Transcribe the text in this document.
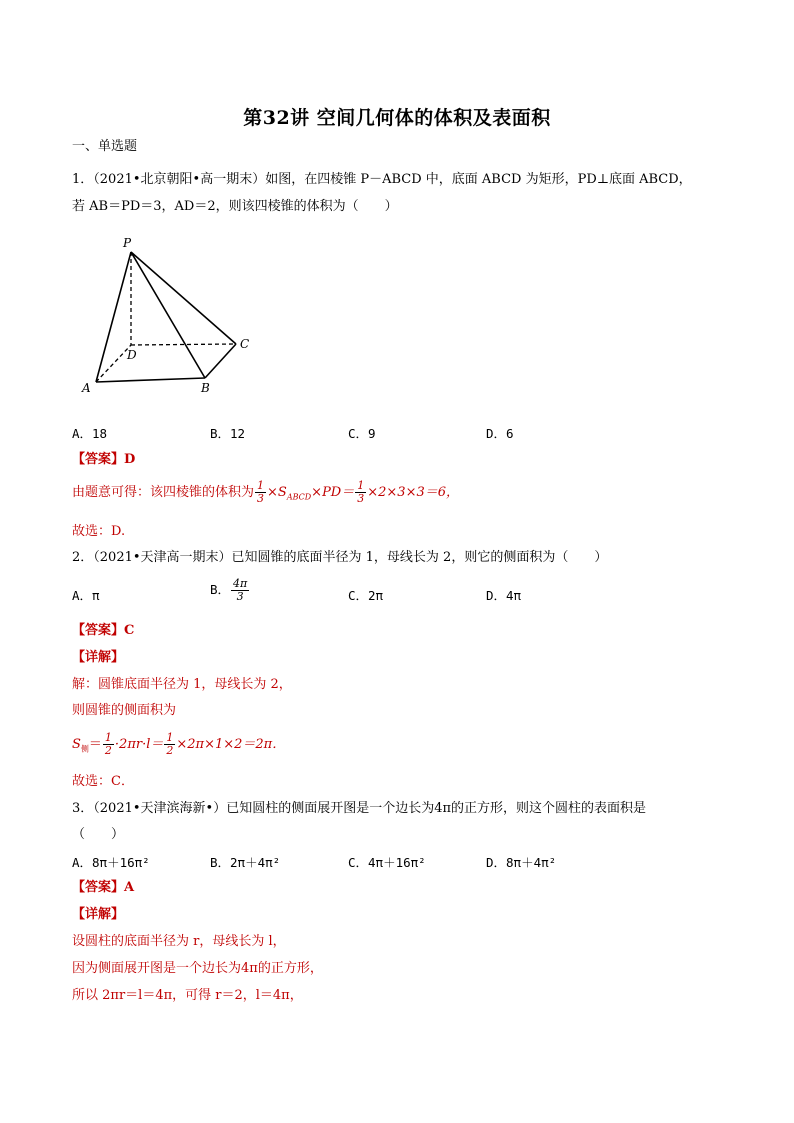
第32讲 空间几何体的体积及表面积
一、单选题
1．（2021•北京朝阳•高一期末）如图，在四棱锥 P－ABCD 中，底面 ABCD 为矩形，PD⊥底面 ABCD，
若 AB＝PD＝3，AD＝2，则该四棱锥的体积为（　　）
P
D
C
A	B
A．18	B．12	C．9	D．6
【答案】D
由题意可得：该四棱锥的体积为 $\frac{1}{3} \times S_{ABCD}\times PD= \frac{1}{3} \times 2\times 3\times 3=6$，
故选：D.
2．（2021•天津高一期末）已知圆锥的底面半径为 1，母线长为 2，则它的侧面积为（　　）
A．π	B． $\frac{4\pi}{3}$	C．2π	D．4π
【答案】C
【详解】
解：圆锥底面半径为 1，母线长为 2，
则圆锥的侧面积为
$S_侧= \frac{1}{2} \cdot 2\pi r\cdot l= \frac{1}{2} \times 2\pi\times 1\times 2=2\pi$．
故选：C．
3．（2021•天津滨海新•）已知圆柱的侧面展开图是一个边长为4π的正方形，则这个圆柱的表面积是
（　　）
A．8π＋16π²	B．2π＋4π²	C．4π＋16π²	D．8π＋4π²
【答案】A
【详解】
设圆柱的底面半径为 r，母线长为 l，
因为侧面展开图是一个边长为4π的正方形，
所以 2πr＝l＝4π，可得 r＝2，l＝4π，
